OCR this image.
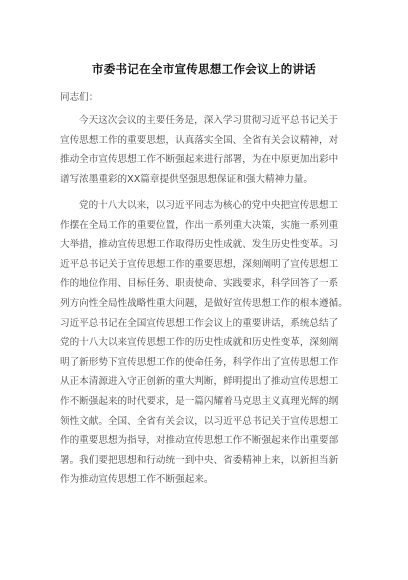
市委书记在全市宣传思想工作会议上的讲话
同志们：
今天这次会议的主要任务是，深入学习贯彻习近平总书记关于
宣传思想工作的重要思想，认真落实全国、全省有关会议精神，对
推动全市宣传思想工作不断强起来进行部署，为在中原更加出彩中
谱写浓墨重彩的XX篇章提供坚强思想保证和强大精神力量。
党的十八大以来，以习近平同志为核心的党中央把宣传思想工
作摆在全局工作的重要位置，作出一系列重大决策，实施一系列重
大举措，推动宣传思想工作取得历史性成就、发生历史性变革。习
近平总书记关于宣传思想工作的重要思想，深刻阐明了宣传思想工
作的地位作用、目标任务、职责使命、实践要求，科学回答了一系
列方向性全局性战略性重大问题，是做好宣传思想工作的根本遵循。
习近平总书记在全国宣传思想工作会议上的重要讲话，系统总结了
党的十八大以来宣传思想工作的历史性成就和历史性变革，深刻阐
明了新形势下宣传思想工作的使命任务，科学作出了宣传思想工作
从正本清源进入守正创新的重大判断，鲜明提出了推动宣传思想工
作不断强起来的时代要求，是一篇闪耀着马克思主义真理光辉的纲
领性文献。全国、全省有关会议，以习近平总书记关于宣传思想工
作的重要思想为指导，对推动宣传思想工作不断强起来作出重要部
署。我们要把思想和行动统一到中央、省委精神上来，以新担当新
作为推动宣传思想工作不断强起来。
